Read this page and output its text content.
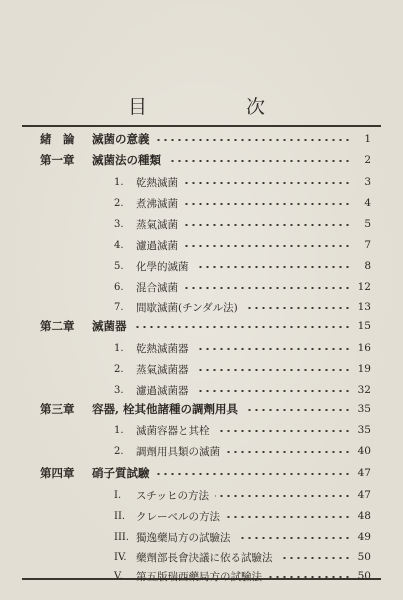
目　次
緒　論	滅菌の意義	1
第一章	滅菌法の種類	2
1. 乾熱滅菌	3
2. 煮沸滅菌	4
3. 蒸氣滅菌	5
4. 濾過滅菌	7
5. 化學的滅菌	8
6. 混合滅菌	12
7. 間歇滅菌(チンダル法)	13
第二章	滅菌器	15
1. 乾熱滅菌器	16
2. 蒸氣滅菌器	19
3. 濾過滅菌器	32
第三章	容器, 栓其他諸種の調劑用具	35
1. 滅菌容器と其栓	35
2. 調劑用具類の滅菌	40
第四章	硝子質試驗	47
I. スチッヒの方法	47
II. クレーベルの方法	48
III. 獨逸藥局方の試驗法	49
IV. 藥劑部長會決議に依る試驗法	50
V. 第五版瑞西藥局方の試驗法	50
